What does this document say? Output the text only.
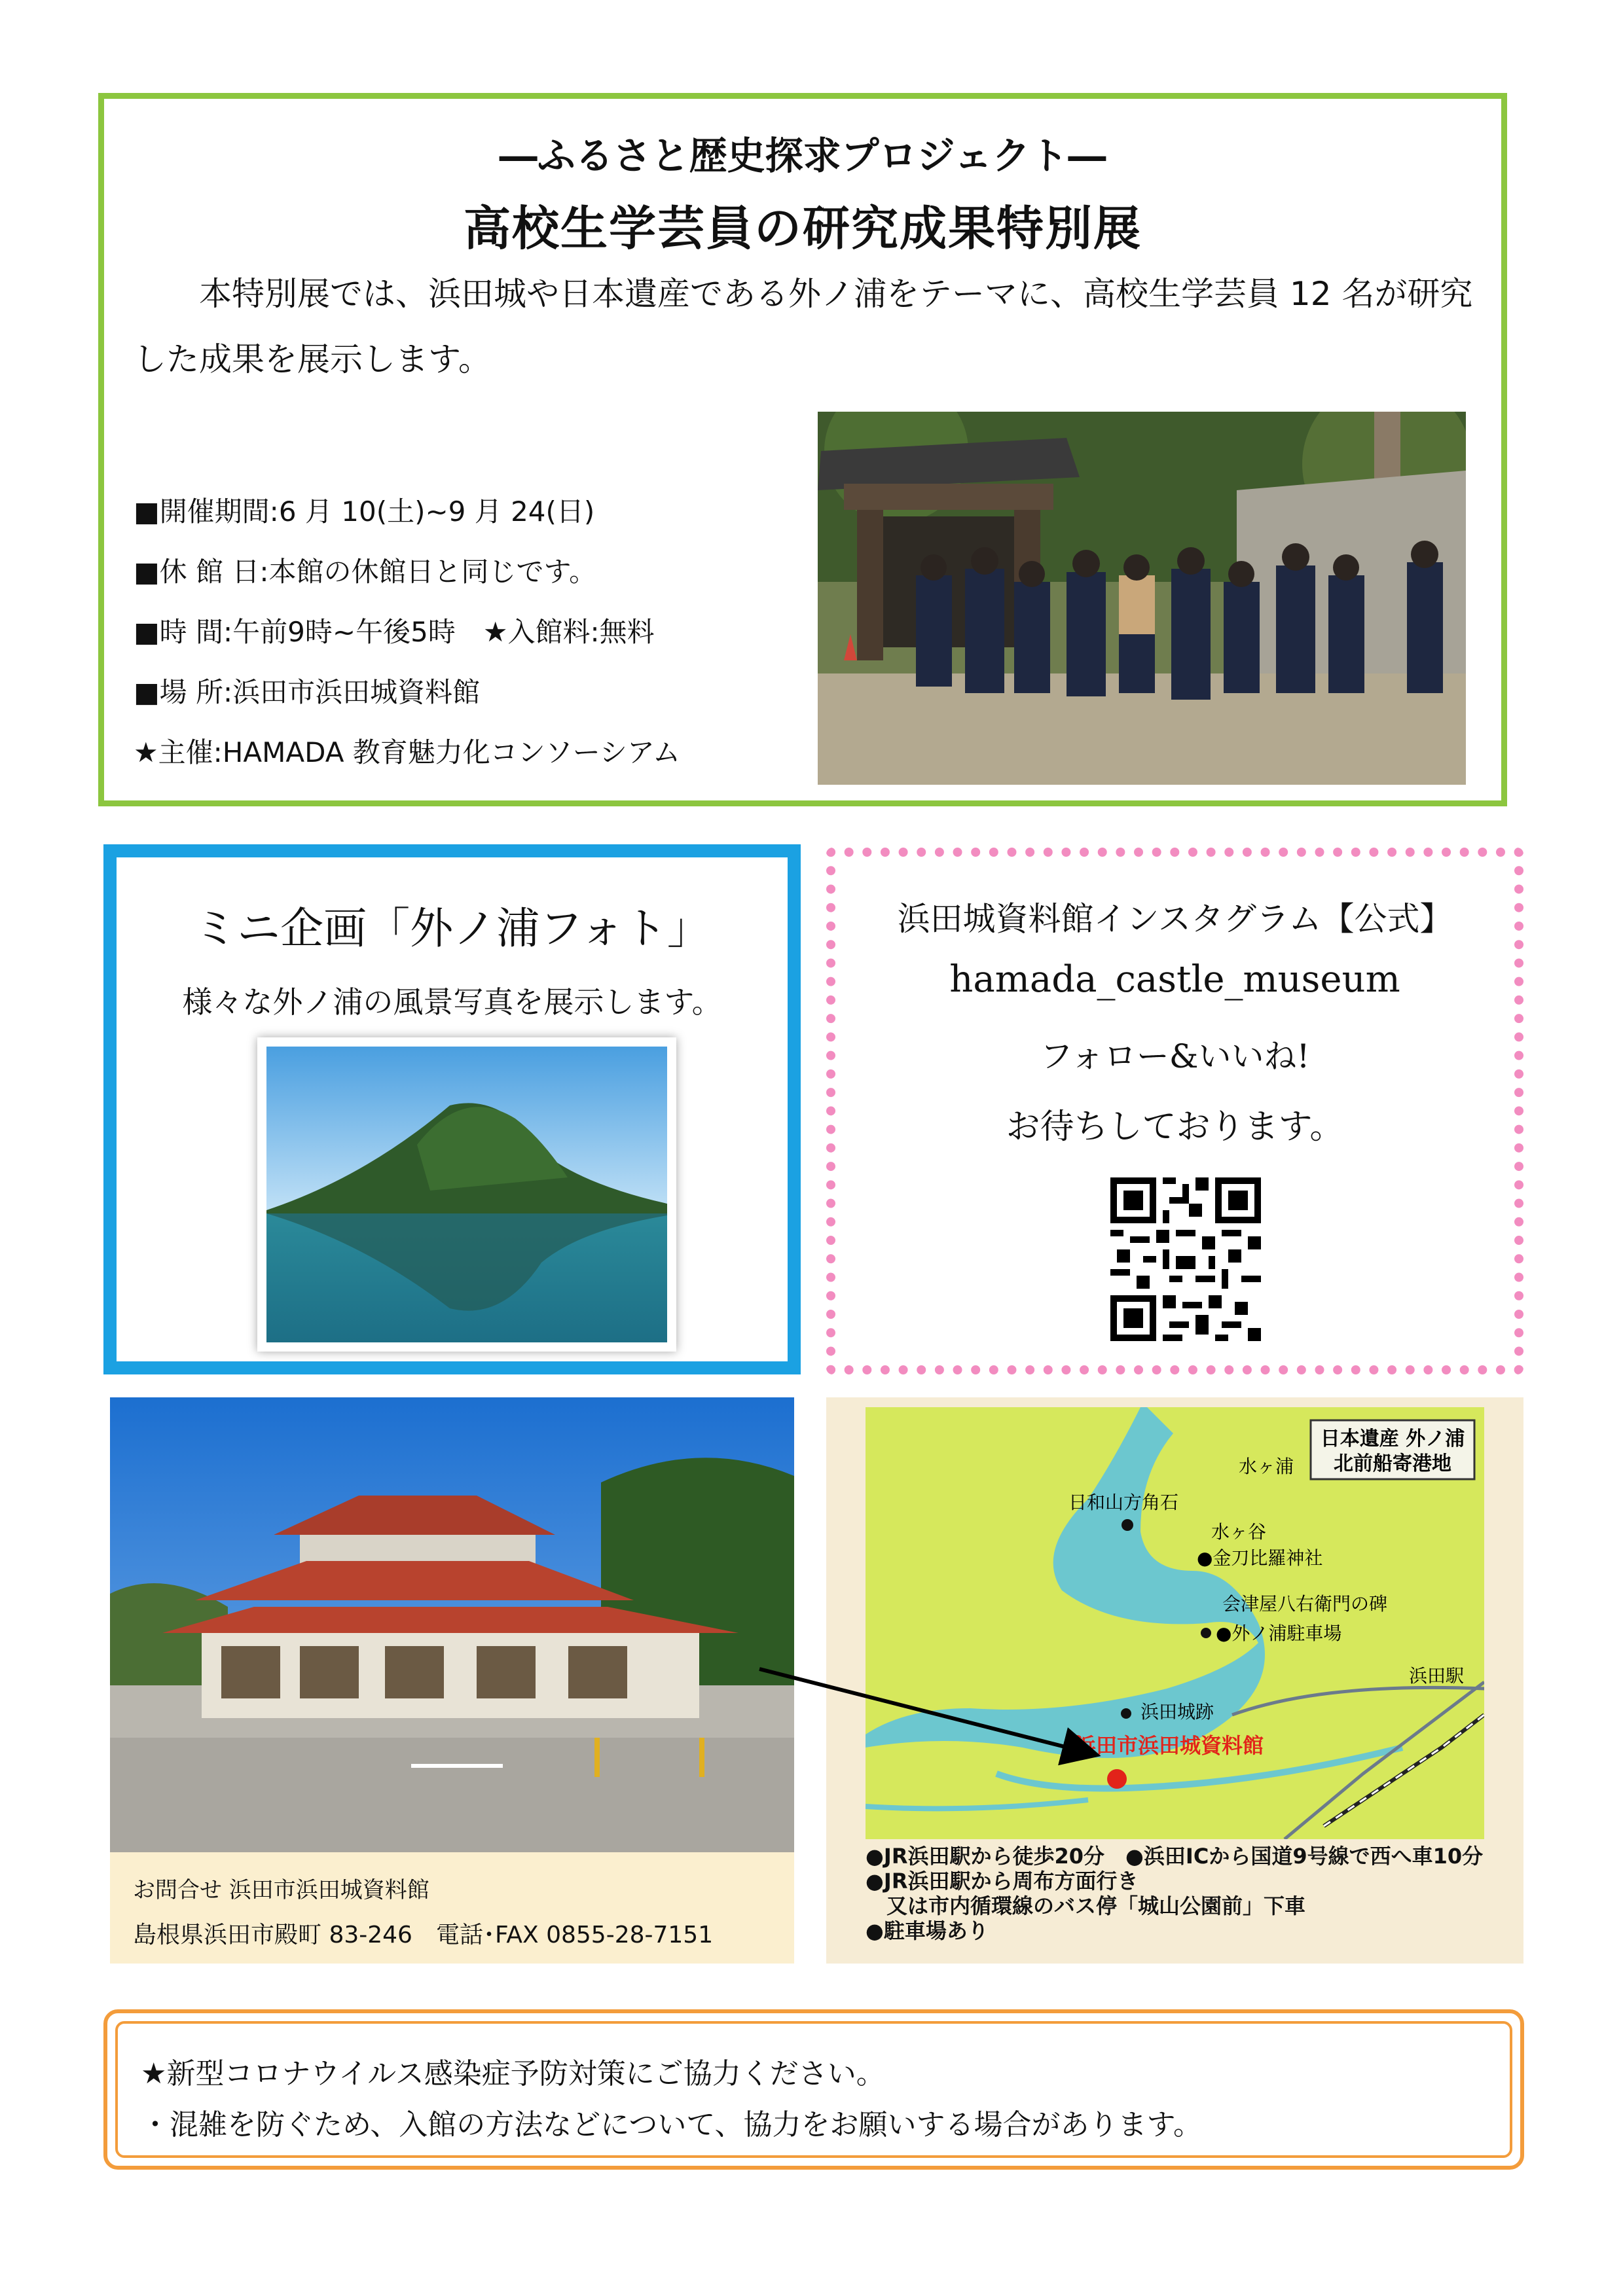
―ふるさと歴史探求プロジェクト―
高校生学芸員の研究成果特別展
本特別展では、浜田城や日本遺産である外ノ浦をテーマに、高校生学芸員 12 名が研究した成果を展示します。
■開催期間:6 月 10(土)~9 月 24(日)
■休 館 日:本館の休館日と同じです。
■時 間:午前9時~午後5時　★入館料:無料
■場 所:浜田市浜田城資料館
★主催:HAMADA 教育魅力化コンソーシアム
ミニ企画「外ノ浦フォト」
様々な外ノ浦の風景写真を展示します。
浜田城資料館インスタグラム【公式】
hamada_castle_museum
フォロー&いいね!
お待ちしております。
お問合せ 浜田市浜田城資料館
島根県浜田市殿町 83-246　電話･FAX 0855-28-7151
日本遺産 外ノ浦
北前船寄港地
水ヶ浦
日和山方角石
水ヶ谷
●金刀比羅神社
会津屋八右衛門の碑
●外ノ浦駐車場
浜田城跡
浜田市浜田城資料館
浜田駅
●JR浜田駅から徒歩20分　●浜田ICから国道9号線で西へ車10分
●JR浜田駅から周布方面行き
　又は市内循環線のバス停「城山公園前」下車
●駐車場あり
★新型コロナウイルス感染症予防対策にご協力ください。
・混雑を防ぐため、入館の方法などについて、協力をお願いする場合があります。
